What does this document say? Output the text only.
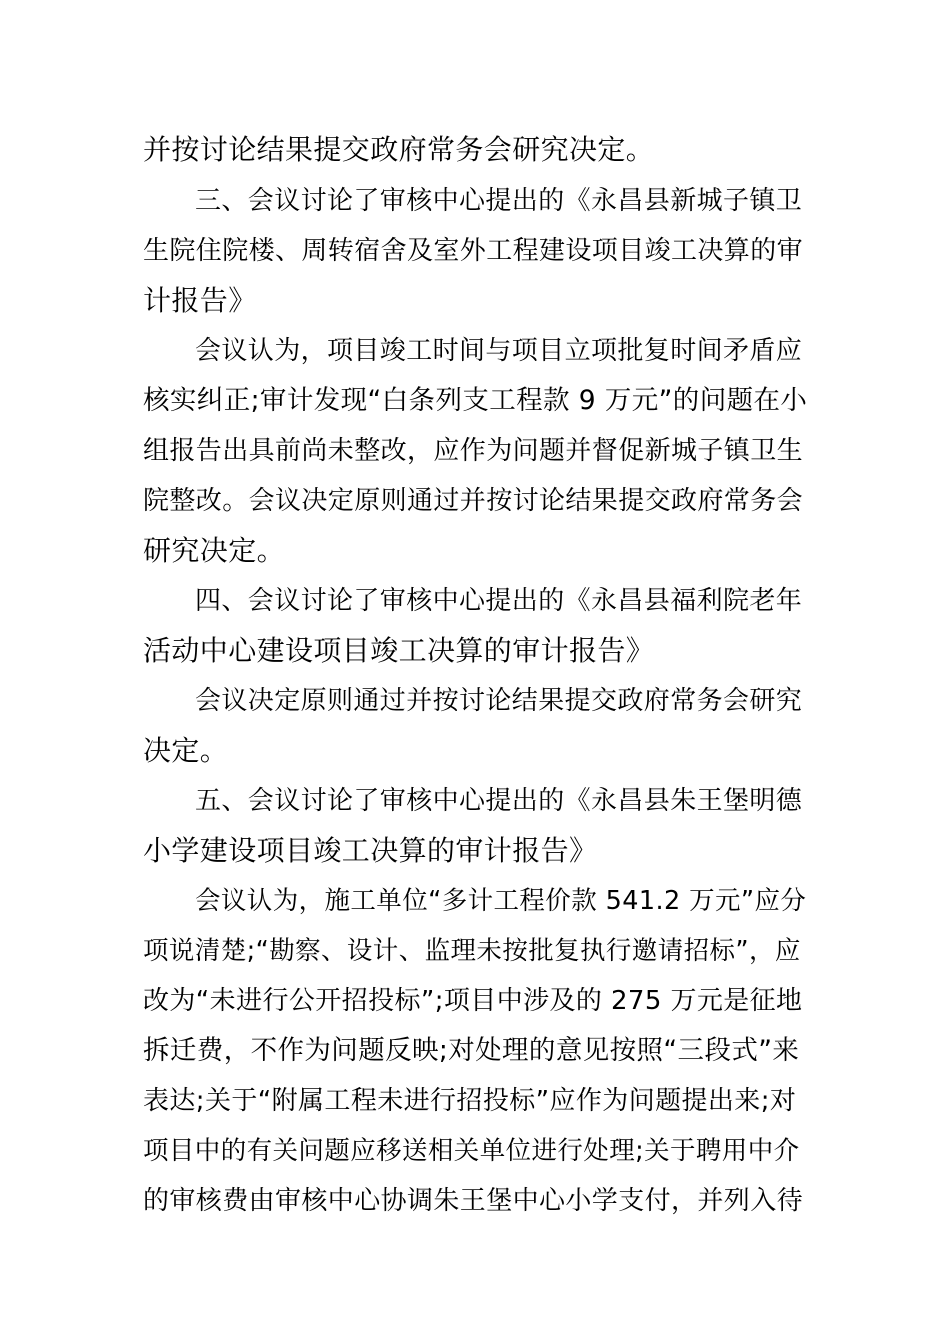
并按讨论结果提交政府常务会研究决定。
三、会议讨论了审核中心提出的《永昌县新城子镇卫
生院住院楼、周转宿舍及室外工程建设项目竣工决算的审
计报告》
会议认为，项目竣工时间与项目立项批复时间矛盾应
核实纠正;审计发现“白条列支工程款 9 万元”的问题在小
组报告出具前尚未整改，应作为问题并督促新城子镇卫生
院整改。会议决定原则通过并按讨论结果提交政府常务会
研究决定。
四、会议讨论了审核中心提出的《永昌县福利院老年
活动中心建设项目竣工决算的审计报告》
会议决定原则通过并按讨论结果提交政府常务会研究
决定。
五、会议讨论了审核中心提出的《永昌县朱王堡明德
小学建设项目竣工决算的审计报告》
会议认为，施工单位“多计工程价款 541.2 万元”应分
项说清楚;“勘察、设计、监理未按批复执行邀请招标”，应
改为“未进行公开招投标”;项目中涉及的 275 万元是征地
拆迁费，不作为问题反映;对处理的意见按照“三段式”来
表达;关于“附属工程未进行招投标”应作为问题提出来;对
项目中的有关问题应移送相关单位进行处理;关于聘用中介
的审核费由审核中心协调朱王堡中心小学支付，并列入待
